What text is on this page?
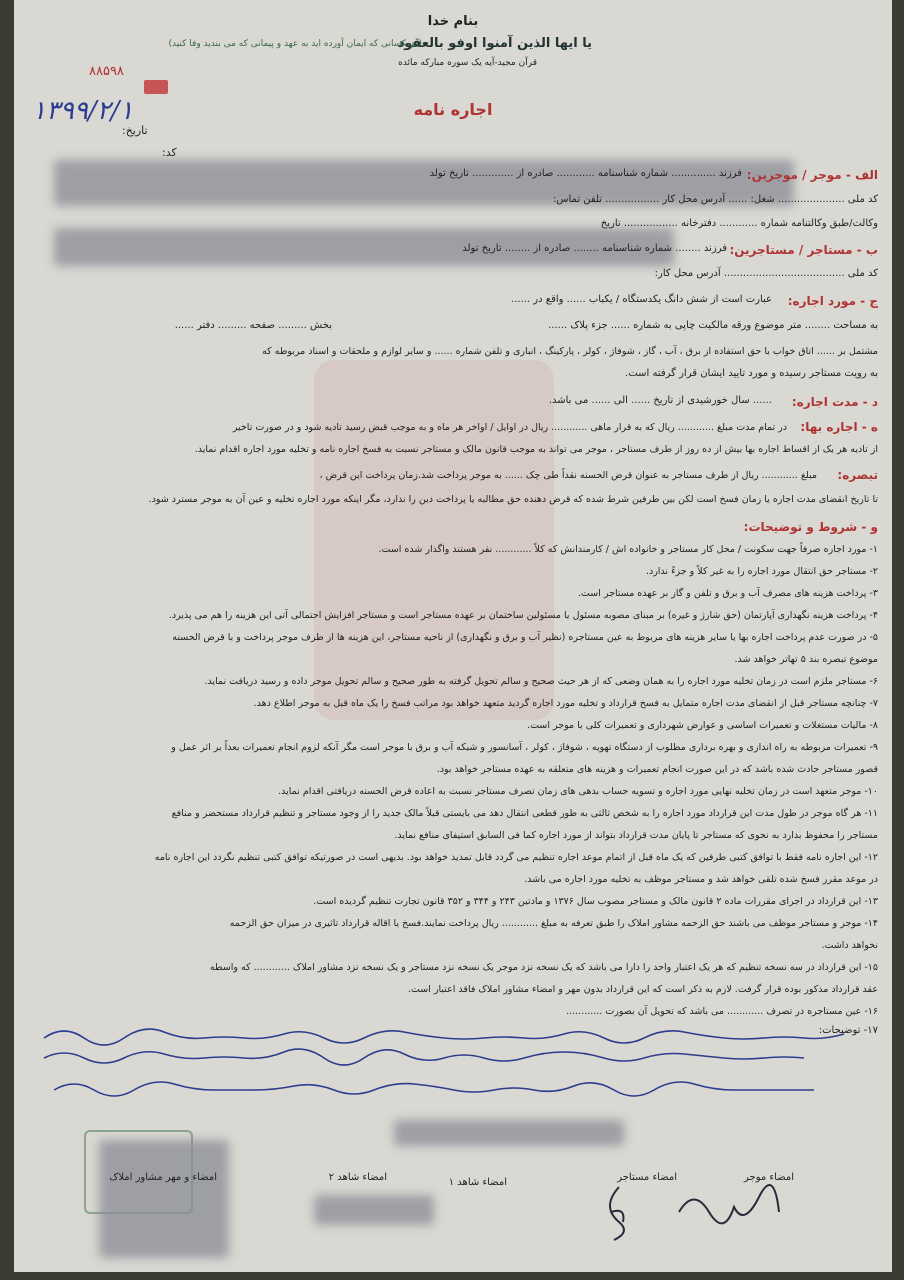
بنام خدا
یا ایها الذین آمنوا اوفو بالعقود
(ای کسانی که ایمان آورده اید به عهد و پیمانی که می بندید وفا کنید)
قرآن مجید-آیه یک سوره مبارکه مائده
اجاره نامه
۸۸۵۹۸
۱۳۹۹/۲/۱
تاریخ:
کد:
الف - موجر / موجرین:
فرزند .............. شماره شناسنامه ............ صادره از ............. تاریخ تولد
کد ملی ..................... شغل: ...... آدرس محل کار ................. تلفن تماس:
وکالت/طبق وکالتنامه شماره ............ دفترخانه ................. تاریخ
ب - مستاجر / مستاجرین:
فرزند ........ شماره شناسنامه ........ صادره از ........ تاریخ تولد
کد ملی ...................................... آدرس محل کار:
ج - مورد اجاره:
عبارت است از شش دانگ یکدستگاه / یکباب ...... واقع در ......
به مساحت ........ متر موضوع ورقه مالکیت چاپی به شماره ...... جزء پلاک ......
بخش ......... صفحه ......... دفتر ......
مشتمل بر ...... اتاق خواب با حق استفاده از برق ، آب ، گاز ، شوفاژ ، کولر ، پارکینگ ، انباری و تلفن شماره ...... و سایر لوازم و ملحقات و اسناد مربوطه که
به رویت مستاجر رسیده و مورد تایید ایشان قرار گرفته است.
د - مدت اجاره:
...... سال خورشیدی از تاریخ ...... الی ...... می باشد.
ه - اجاره بها:
در تمام مدت مبلغ ............ ریال که به قرار ماهی ............ ریال در اوایل / اواخر هر ماه و به موجب قبض رسید تادیه شود و در صورت تاخیر
از تادیه هر یک از اقساط اجاره بها بیش از ده روز از طرف مستاجر ، موجر می تواند به موجب قانون مالک و مستاجر نسبت به فسخ اجاره نامه و تخلیه مورد اجاره اقدام نماید.
تبصره:
مبلغ ............ ریال از طرف مستاجر به عنوان قرض الحسنه نقداً طی چک ...... به موجر پرداخت شد.زمان پرداخت این قرض ،
تا تاریخ انقضای مدت اجاره یا زمان فسخ است لکن بین طرفین شرط شده که قرض دهنده حق مطالبه یا پرداخت دین را ندارد، مگر اینکه مورد اجاره تخلیه و عین آن به موجر مسترد شود.
و - شروط و توضیحات:
۱- مورد اجاره صرفاً جهت سکونت / محل کار مستاجر و خانواده اش / کارمندانش که کلاً ............ نفر هستند واگذار شده است.
۲- مستاجر حق انتقال مورد اجاره را به غیر کلاً و جزءً ندارد.
۳- پرداخت هزینه های مصرف آب و برق و تلفن و گاز بر عهده مستاجر است.
۴- پرداخت هزینه نگهداری آپارتمان (حق شارژ و غیره) بر مبنای مصوبه مسئول یا مسئولین ساختمان بر عهده مستاجر است و مستاجر افزایش احتمالی آتی این هزینه را هم می پذیرد.
۵- در صورت عدم پرداخت اجاره بها یا سایر هزینه های مربوط به عین مستاجره (نظیر آب و برق و نگهداری) از ناحیه مستاجر، این هزینه ها از طرف موجر پرداخت و با قرض الحسنه
موضوع تبصره بند ۵ تهاتر خواهد شد.
۶- مستاجر ملزم است در زمان تخلیه مورد اجاره را به همان وضعی که از هر حیث صحیح و سالم تحویل گرفته به طور صحیح و سالم تحویل موجر داده و رسید دریافت نماید.
۷- چنانچه مستاجر قبل از انقضای مدت اجاره متمایل به فسخ قرارداد و تخلیه مورد اجاره گردید متعهد خواهد بود مراتب فسخ را یک ماه قبل به موجر اطلاع دهد.
۸- مالیات مستغلات و تعمیرات اساسی و عوارض شهرداری و تعمیرات کلی با موجر است.
۹- تعمیرات مربوطه به راه اندازی و بهره برداری مطلوب از دستگاه تهویه ، شوفاژ ، کولر ، آسانسور و شبکه آب و برق با موجر است مگر آنکه لزوم انجام تعمیرات بعداً بر اثر عمل و
قصور مستاجر حادث شده باشد که در این صورت انجام تعمیرات و هزینه های متعلقه به عهده مستاجر خواهد بود.
۱۰- موجر متعهد است در زمان تخلیه نهایی مورد اجاره و تسویه حساب بدهی های زمان تصرف مستاجر نسبت به اعاده قرض الحسنه دریافتی اقدام نماید.
۱۱- هر گاه موجر در طول مدت این قرارداد مورد اجاره را به شخص ثالثی به طور قطعی انتقال دهد می بایستی قبلاً مالک جدید را از وجود مستاجر و تنظیم قرارداد مستحضر و منافع
مستاجر را محفوظ بدارد به نحوی که مستاجر تا پایان مدت قرارداد بتواند از مورد اجاره کما فی السابق استیفای منافع نماید.
۱۲- این اجاره نامه فقط با توافق کتبی طرفین که یک ماه قبل از اتمام موعد اجاره تنظیم می گردد قابل تمدید خواهد بود. بدیهی است در صورتیکه توافق کتبی تنظیم نگردد این اجاره نامه
در موعد مقرر فسخ شده تلقی خواهد شد و مستاجر موظف به تخلیه مورد اجاره می باشد.
۱۳- این قرارداد در اجرای مقررات ماده ۲ قانون مالک و مستاجر مصوب سال ۱۳۷۶ و مادتین ۲۴۳ و ۳۴۴ و ۳۵۲ قانون تجارت تنظیم گردیده است.
۱۴- موجر و مستاجر موظف می باشند حق الزحمه مشاور املاک را طبق تعرفه به مبلغ ............ ریال پرداخت نمایند.فسخ یا اقاله قرارداد تاثیری در میزان حق الزحمه
نخواهد داشت.
۱۵- این قرارداد در سه نسخه تنظیم که هر یک اعتبار واحد را دارا می باشد که یک نسخه نزد موجر یک نسخه نزد مستاجر و یک نسخه نزد مشاور املاک ............ که واسطه
عقد قرارداد مذکور بوده قرار گرفت. لازم به ذکر است که این قرارداد بدون مهر و امضاء مشاور املاک فاقد اعتبار است.
۱۶- عین مستاجره در تصرف ............ می باشد که تحویل آن بصورت ............
۱۷- توضیحات:
امضاء موجر
امضاء مستاجر
امضاء شاهد ۱
امضاء شاهد ۲
امضاء و مهر مشاور املاک
